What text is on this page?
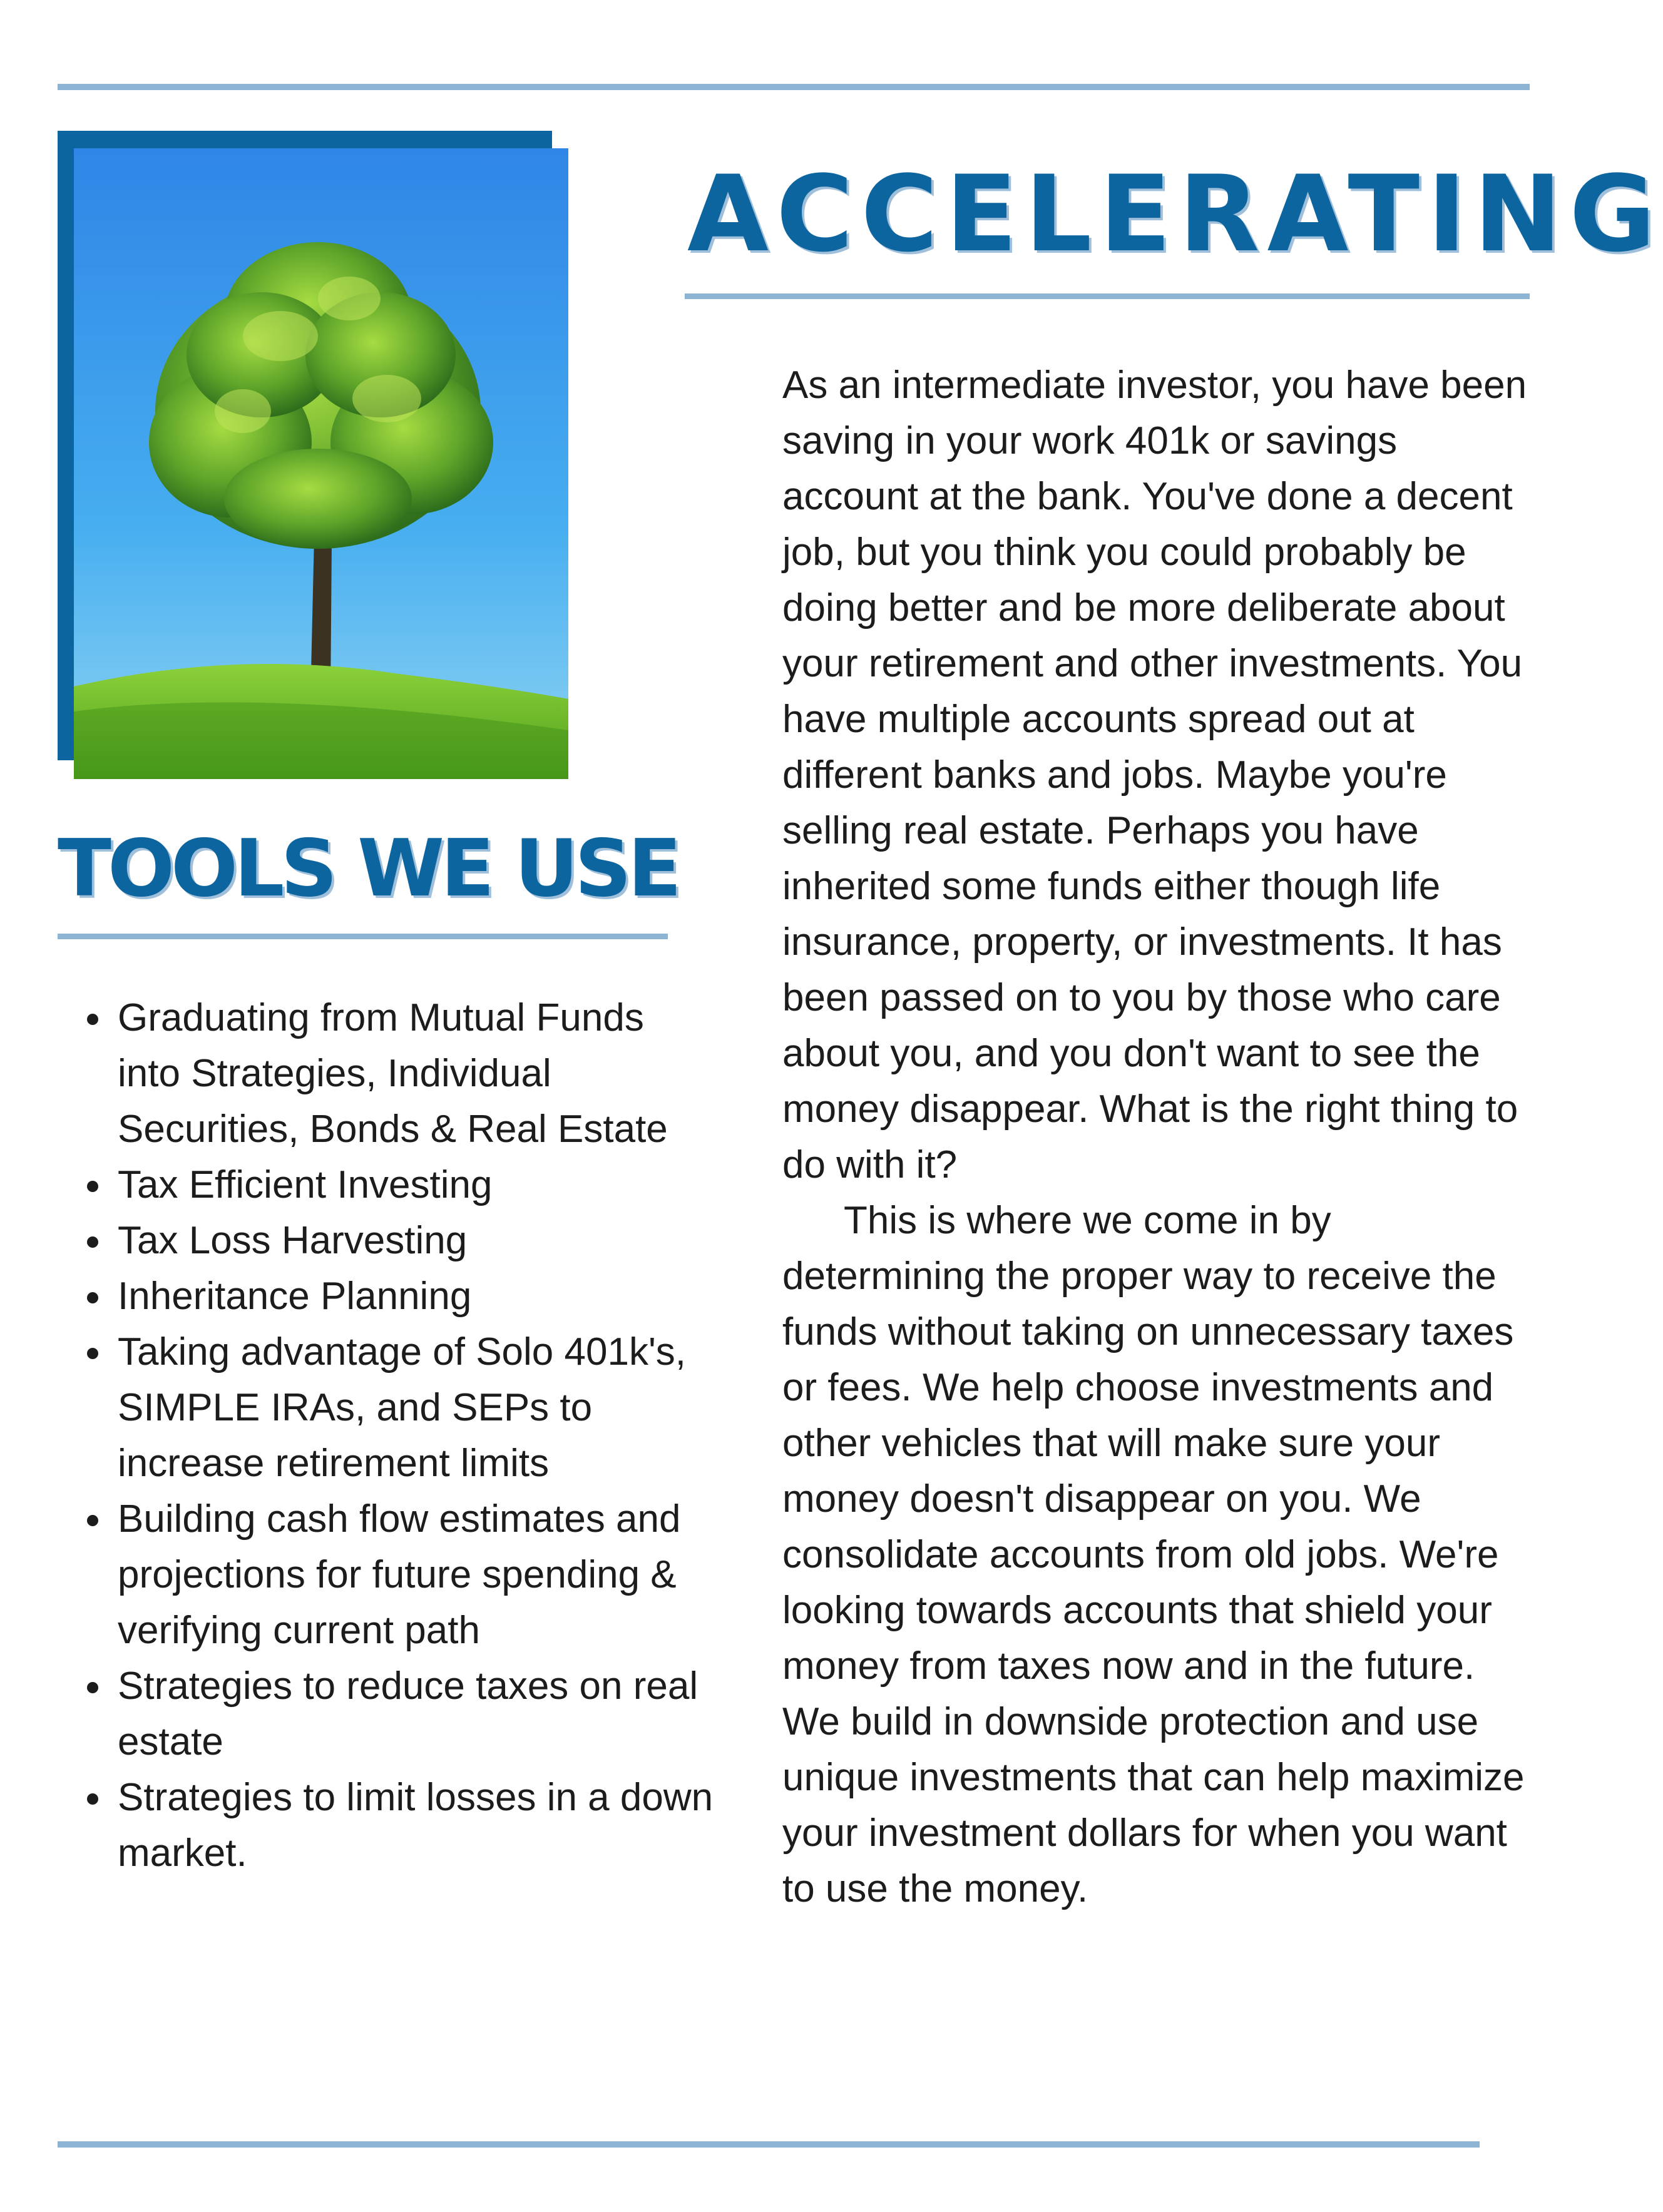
ACCELERATING
TOOLS WE USE
• Graduating from Mutual Funds into Strategies, Individual Securities, Bonds & Real Estate
• Tax Efficient Investing
• Tax Loss Harvesting
• Inheritance Planning
• Taking advantage of Solo 401k's, SIMPLE IRAs, and SEPs to increase retirement limits
• Building cash flow estimates and projections for future spending & verifying current path
• Strategies to reduce taxes on real estate
• Strategies to limit losses in a down market.

As an intermediate investor, you have been saving in your work 401k or savings account at the bank. You've done a decent job, but you think you could probably be doing better and be more deliberate about your retirement and other investments. You have multiple accounts spread out at different banks and jobs. Maybe you're selling real estate. Perhaps you have inherited some funds either though life insurance, property, or investments. It has been passed on to you by those who care about you, and you don't want to see the money disappear. What is the right thing to do with it?

This is where we come in by determining the proper way to receive the funds without taking on unnecessary taxes or fees. We help choose investments and other vehicles that will make sure your money doesn't disappear on you. We consolidate accounts from old jobs. We're looking towards accounts that shield your money from taxes now and in the future. We build in downside protection and use unique investments that can help maximize your investment dollars for when you want to use the money.
